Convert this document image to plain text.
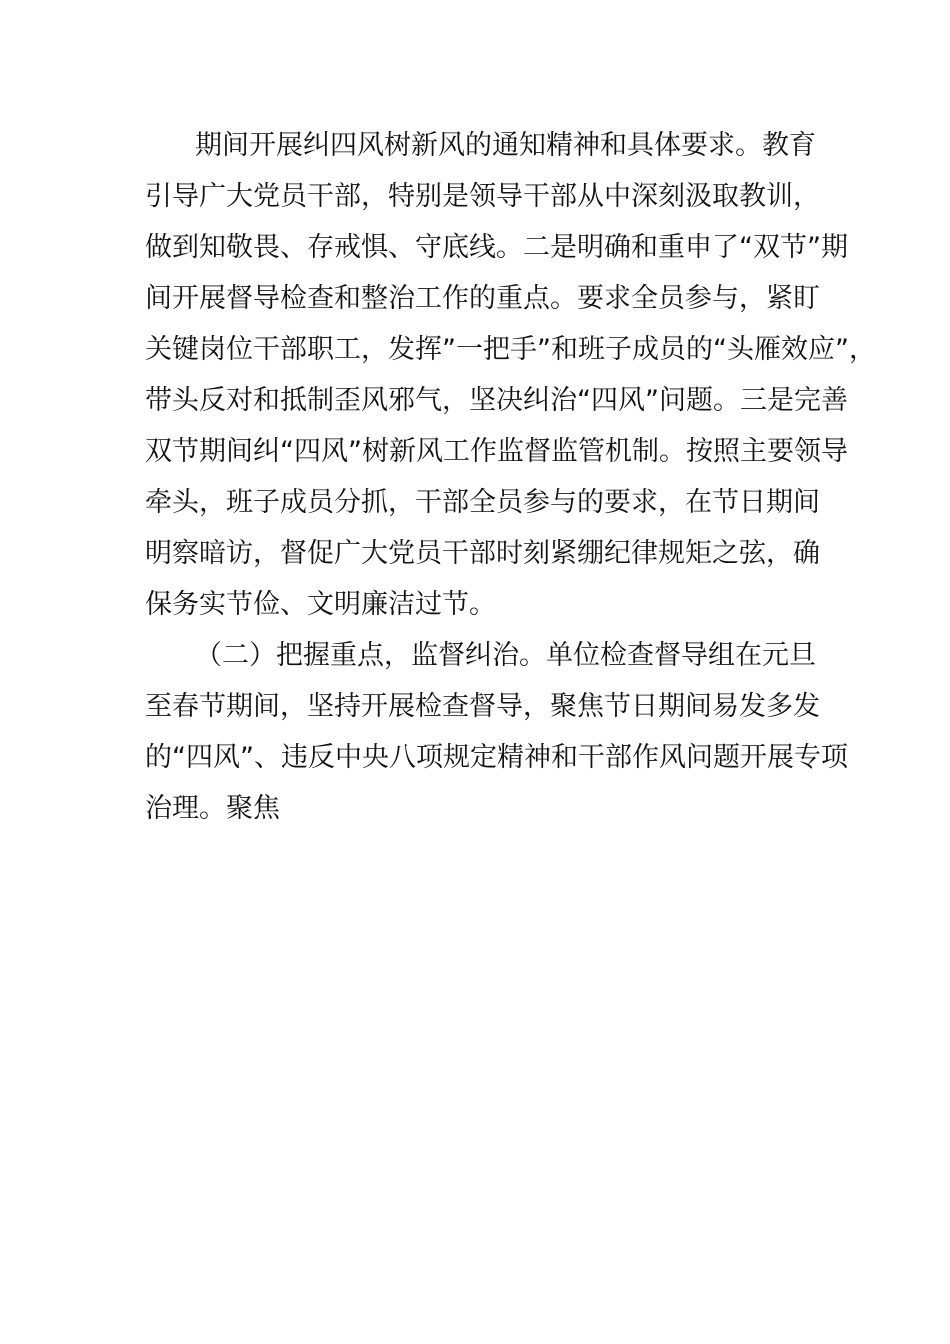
期间开展纠四风树新风的通知精神和具体要求。教育
引导广大党员干部，特别是领导干部从中深刻汲取教训，
做到知敬畏、存戒惧、守底线。二是明确和重申了“双节”期
间开展督导检查和整治工作的重点。要求全员参与，紧盯
关键岗位干部职工，发挥”一把手”和班子成员的“头雁效应”，
带头反对和抵制歪风邪气，坚决纠治“四风”问题。三是完善
双节期间纠“四风”树新风工作监督监管机制。按照主要领导
牵头，班子成员分抓，干部全员参与的要求，在节日期间
明察暗访，督促广大党员干部时刻紧绷纪律规矩之弦，确
保务实节俭、文明廉洁过节。
（二）把握重点，监督纠治。单位检查督导组在元旦
至春节期间，坚持开展检查督导，聚焦节日期间易发多发
的“四风”、违反中央八项规定精神和干部作风问题开展专项
治理。聚焦
